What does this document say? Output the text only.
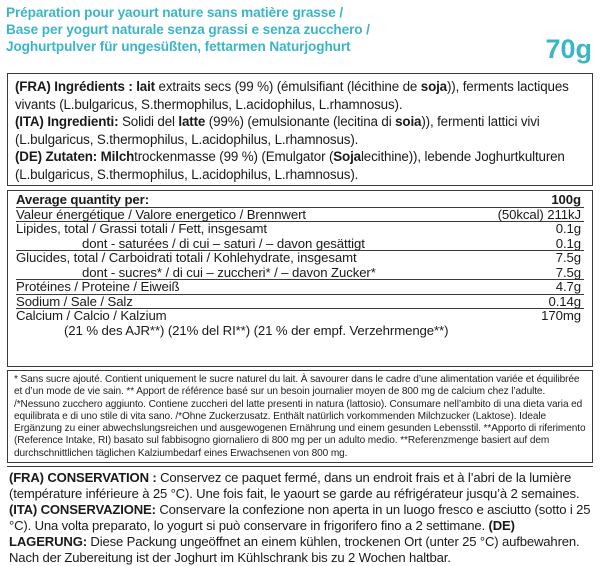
Préparation pour yaourt nature sans matière grasse /
Base per yogurt naturale senza grassi e senza zucchero /
Joghurtpulver für ungesüßten, fettarmen Naturjoghurt	70g

(FRA) Ingrédients : lait extraits secs (99 %) (émulsifiant (lécithine de soja)), ferments lactiques vivants (L.bulgaricus, S.thermophilus, L.acidophilus, L.rhamnosus).

(ITA) Ingredienti: Solidi del latte (99%) (emulsionante (lecitina di soia)), fermenti lattici vivi (L.bulgaricus, S.thermophilus, L.acidophilus, L.rhamnosus).

(DE) Zutaten: Milchtrockenmasse (99 %) (Emulgator (Sojalecithine)), lebende Joghurtkulturen (L.bulgaricus, S.thermophilus, L.acidophilus, L.rhamnosus).

Average quantity per:	100g
Valeur énergétique / Valore energetico / Brennwert	(50kcal) 211kJ
Lipides, total / Grassi totali / Fett, insgesamt	0.1g
dont - saturées / di cui – saturi / – davon gesättigt	0.1g
Glucides, total / Carboidrati totali / Kohlehydrate, insgesamt	7.5g
dont - sucres* / di cui – zuccheri* / – davon Zucker*	7.5g
Protéines / Proteine / Eiweiß	4.7g
Sodium / Sale / Salz	0.14g
Calcium / Calcio / Kalzium	170mg
(21 % des AJR**) (21% del RI**) (21 % der empf. Verzehrmenge**)

* Sans sucre ajouté. Contient uniquement le sucre naturel du lait. À savourer dans le cadre d’une alimentation variée et équilibrée et d’un mode de vie sain. ** Apport de référence basé sur un besoin journalier moyen de 800 mg de calcium chez l’adulte. /*Nessuno zucchero aggiunto. Contiene zuccheri del latte presenti in natura (lattosio). Consumare nell’ambito di una dieta varia ed equilibrata e di uno stile di vita sano. /*Ohne Zuckerzusatz. Enthält natürlich vorkommenden Milchzucker (Laktose). Ideale Ergänzung zu einer abwechslungsreichen und ausgewogenen Ernährung und einem gesunden Lebensstil. **Apporto di riferimento (Reference Intake, RI) basato sul fabbisogno giornaliero di 800 mg per un adulto medio. **Referenzmenge basiert auf dem durchschnittlichen täglichen Kalziumbedarf eines Erwachsenen von 800 mg.

(FRA) CONSERVATION : Conservez ce paquet fermé, dans un endroit frais et à l’abri de la lumière (température inférieure à 25 °C). Une fois fait, le yaourt se garde au réfrigérateur jusqu’à 2 semaines. (ITA) CONSERVAZIONE: Conservare la confezione non aperta in un luogo fresco e asciutto (sotto i 25 °C). Una volta preparato, lo yogurt si può conservare in frigorifero fino a 2 settimane. (DE) LAGERUNG: Diese Packung ungeöffnet an einem kühlen, trockenen Ort (unter 25 °C) aufbewahren. Nach der Zubereitung ist der Joghurt im Kühlschrank bis zu 2 Wochen haltbar.
